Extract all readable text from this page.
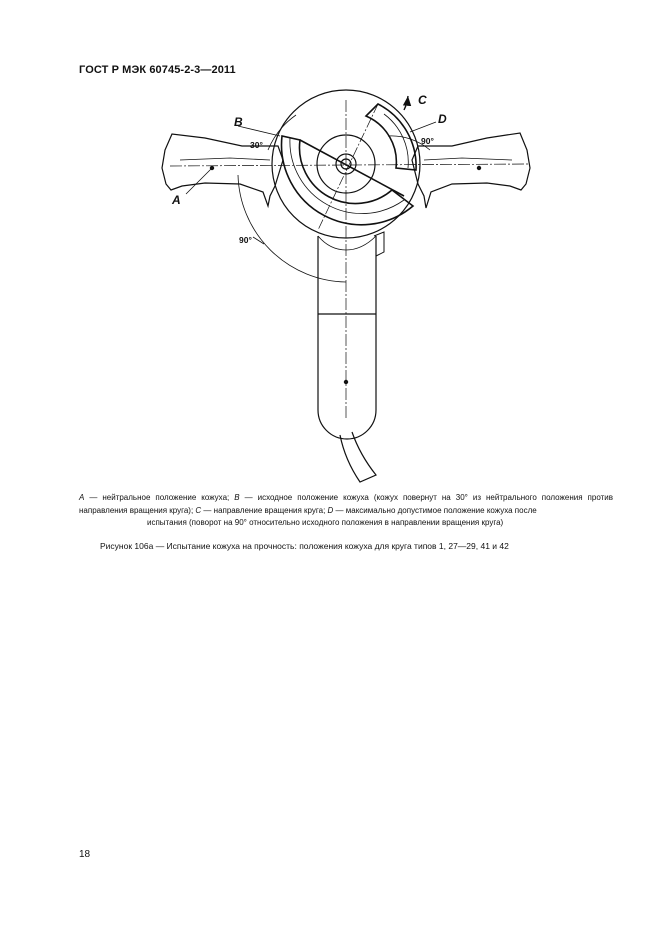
ГОСТ Р МЭК 60745-2-3—2011
A
B
C
D
30°	90°
90°
A — нейтральное положение кожуха; B — исходное положение кожуха (кожух повернут на 30° из нейтрального положения против направления вращения круга); C — направление вращения круга; D — максимально допустимое положение кожуха после
испытания (поворот на 90° относительно исходного положения в направлении вращения круга)
Рисунок 106a — Испытание кожуха на прочность: положения кожуха для круга типов 1, 27—29, 41 и 42
18
